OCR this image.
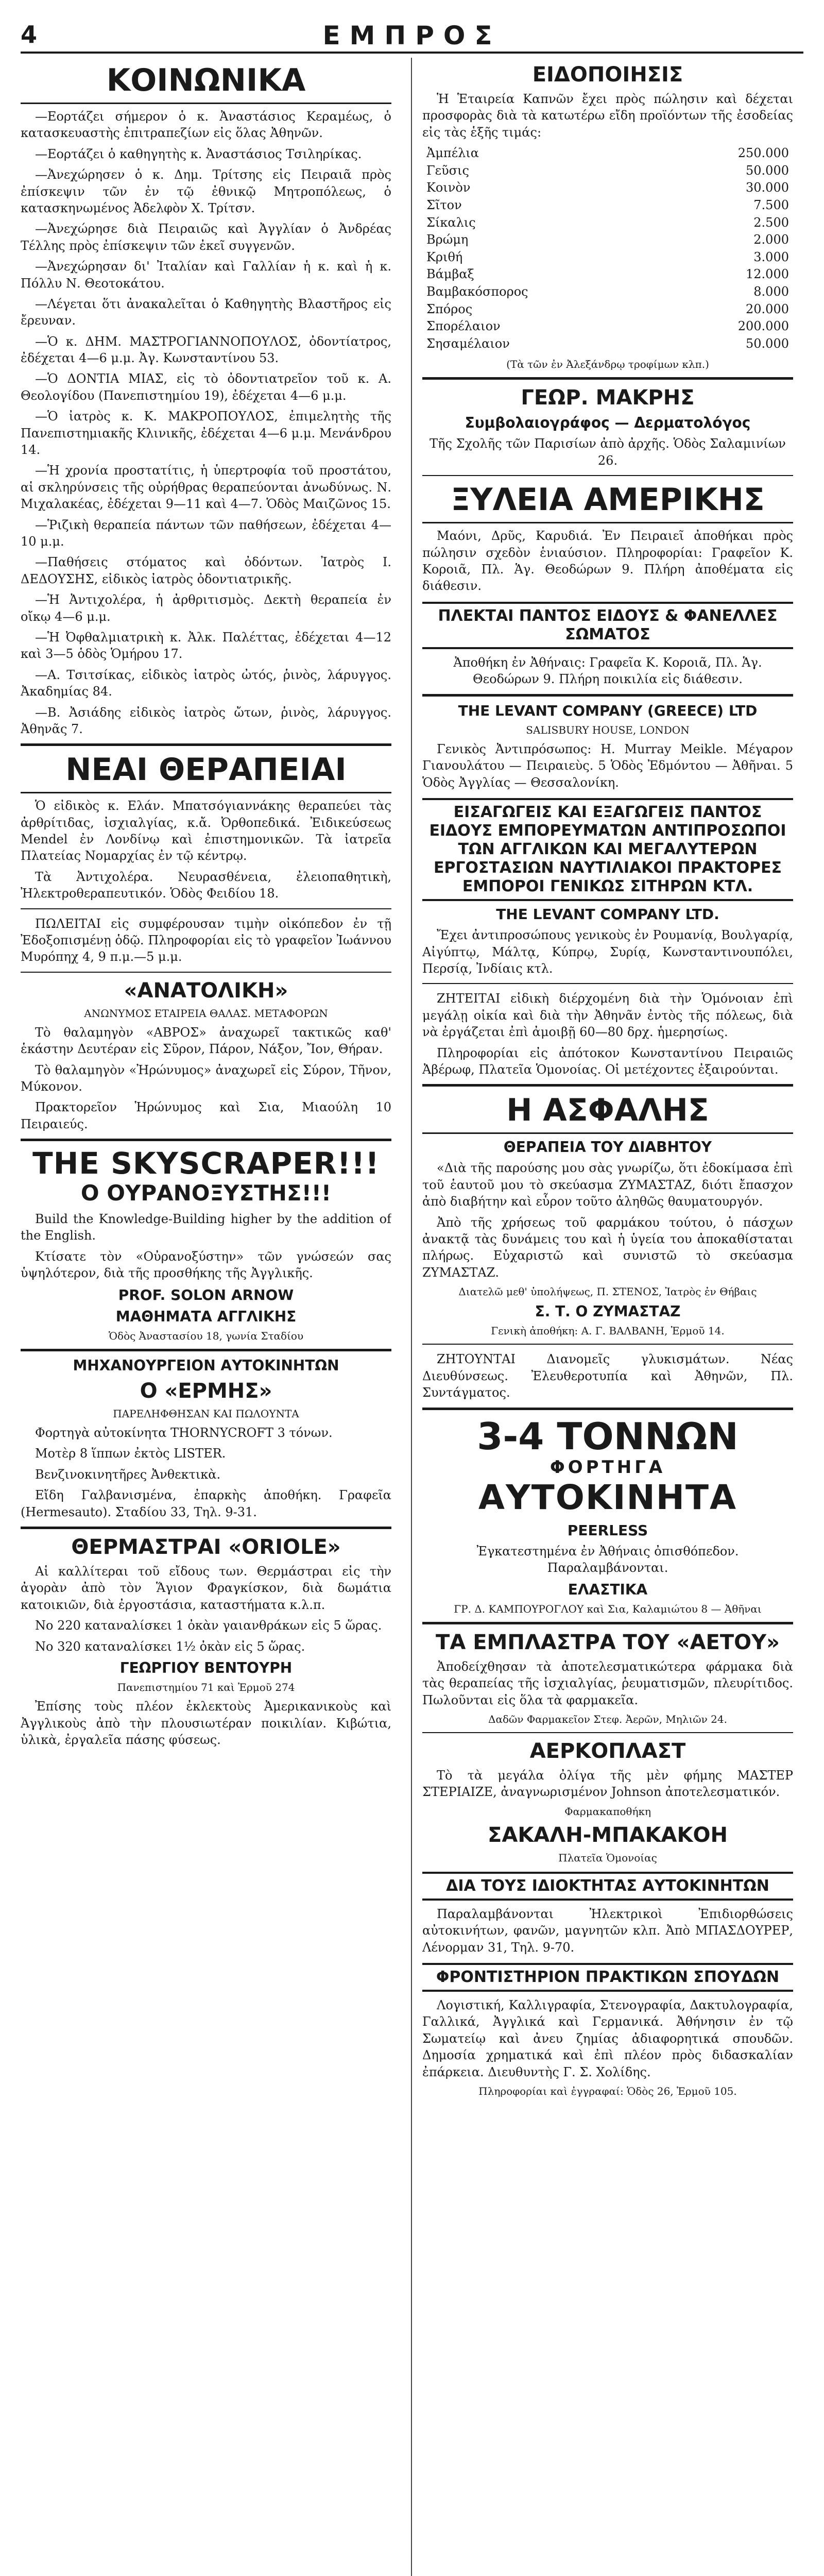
4	ΕΜΠΡΟΣ
ΚΟΙΝΩΝΙΚΑ

—Εορτάζει σήμερον ὁ κ. Ἀναστάσιος Κεραμέως, ὁ κατασκευαστὴς ἐπιτραπεζίων εἰς ὅλας Ἀθηνῶν.

—Εορτάζει ὁ καθηγητὴς κ. Ἀναστάσιος Τσιληρίκας.

—Ἀνεχώρησεν ὁ κ. Δημ. Τρίτσης εἰς Πειραιᾶ πρὸς ἐπίσκεψιν τῶν ἐν τῷ ἐθνικῷ Μητροπόλεως, ὁ κατασκηνωμένος Ἀδελφὸν Χ. Τρίτσν.

—Ἀνεχώρησε διὰ Πειραιῶς καὶ Ἀγγλίαν ὁ Ἀνδρέας Τέλλης πρὸς ἐπίσκεψιν τῶν ἐκεῖ συγγενῶν.

—Ἀνεχώρησαν δι' Ἰταλίαν καὶ Γαλλίαν ἡ κ. καὶ ἡ κ. Πόλλυ Ν. Θεοτοκάτου.

—Λέγεται ὅτι ἀνακαλεῖται ὁ Καθηγητὴς Βλαστῆρος εἰς ἔρευναν.

—Ὁ κ. ΔΗΜ. ΜΑΣΤΡΟΓΙΑΝΝΟΠΟΥΛΟΣ, ὀδοντίατρος, ἐδέχεται 4—6 μ.μ. Ἀγ. Κωνσταντίνου 53.

—Ὁ ΔΟΝΤΙΑ ΜΙΑΣ, εἰς τὸ ὀδοντιατρεῖον τοῦ κ. Α. Θεολογίδου (Πανεπιστημίου 19), ἐδέχεται 4—6 μ.μ.

—Ὁ ἰατρὸς κ. Κ. ΜΑΚΡΟΠΟΥΛΟΣ, ἐπιμελητὴς τῆς Πανεπιστημιακῆς Κλινικῆς, ἐδέχεται 4—6 μ.μ. Μενάνδρου 14.

—Ἡ χρονία προστατίτις, ἡ ὑπερτροφία τοῦ προστάτου, αἱ σκληρύνσεις τῆς οὐρήθρας θεραπεύονται ἀνωδύνως. Ν. Μιχαλακέας, ἐδέχεται 9—11 καὶ 4—7. Ὁδὸς Μαιζῶνος 15.

—Ῥιζικὴ θεραπεία πάντων τῶν παθήσεων, ἐδέχεται 4—10 μ.μ.

—Παθήσεις στόματος καὶ ὀδόντων. Ἰατρὸς Ι. ΔΕΔΟΥΣΗΣ, εἰδικὸς ἰατρὸς ὀδοντιατρικῆς.

—Ἡ Ἀντιχολέρα, ἡ ἀρθριτισμὸς. Δεκτὴ θεραπεία ἐν οἴκῳ 4—6 μ.μ.

—Ἡ Ὀφθαλμιατρικὴ κ. Ἀλκ. Παλέττας, ἐδέχεται 4—12 καὶ 3—5 ὁδὸς Ὁμήρου 17.

—Α. Τσιτσίκας, εἰδικὸς ἰατρὸς ὠτός, ῥινὸς, λάρυγγος. Ἀκαδημίας 84.

—Β. Ἀσιάδης εἰδικὸς ἰατρὸς ὤτων, ῥινὸς, λάρυγγος. Ἀθηνᾶς 7.

ΝΕΑΙ ΘΕΡΑΠΕΙΑΙ

Ὁ εἰδικὸς κ. Ελάν. Μπατσόγιαννάκης θεραπεύει τὰς ἀρθρίτιδας, ἰσχιαλγίας, κ.ἄ. Ὀρθοπεδικά. Ἐιδικεύσεως Mendel ἐν Λονδίνῳ καὶ ἐπιστημονικῶν. Τὰ ἰατρεῖα Πλατείας Νομαρχίας ἐν τῷ κέντρῳ.

Τὰ Ἀντιχολέρα. Νευρασθένεια, ἐλειοπαθητικὴ, Ἠλεκτροθεραπευτικόν. Ὁδὸς Φειδίου 18.

ΠΩΛΕΙΤΑΙ εἰς συμφέρουσαν τιμὴν οἰκόπεδον ἐν τῇ Ἐδοξοπισμένῃ ὁδῷ. Πληροφορίαι εἰς τὸ γραφεῖον Ἰωάννου Μυρόπηχ 4, 9 π.μ.—5 μ.μ.

«ΑΝΑΤΟΛΙΚΗ»
ΑΝΩΝΥΜΟΣ ΕΤΑΙΡΕΙΑ ΘΑΛΑΣ. ΜΕΤΑΦΟΡΩΝ

Τὸ θαλαμηγὸν «ΑΒΡΟΣ» ἀναχωρεῖ τακτικῶς καθ' ἑκάστην Δευτέραν εἰς Σῦρον, Πάρον, Νάξον, Ἴον, Θήραν.

Τὸ θαλαμηγὸν «Ἠρώνυμος» ἀναχωρεῖ εἰς Σύρον, Τῆνον, Μύκονον.

Πρακτορεῖον Ἡρώνυμος καὶ Σια, Μιαούλη 10 Πειραιεύς.

THE SKYSCRAPER!!!
Ο ΟΥΡΑΝΟΞΥΣΤΗΣ!!!

Build the Knowledge-Building higher by the addition of the English.

Κτίσατε τὸν «Οὐρανοξύστην» τῶν γνώσεών σας ὑψηλότερον, διὰ τῆς προσθήκης τῆς Ἀγγλικῆς.

PROF. SOLON ARNOW
ΜΑΘΗΜΑΤΑ ΑΓΓΛΙΚΗΣ
Ὁδὸς Ἀναστασίου 18, γωνία Σταδίου
ΜΗΧΑΝΟΥΡΓΕΙΟΝ ΑΥΤΟΚΙΝΗΤΩΝ
Ο «ΕΡΜΗΣ»
ΠΑΡΕΛΗΦΘΗΣΑΝ ΚΑΙ ΠΩΛΟΥΝΤΑ

Φορτηγὰ αὐτοκίνητα THORNYCROFT 3 τόνων.

Μοτὲρ 8 ἵππων ἐκτὸς LISTER.

Βενζινοκινητῆρες Ἀνθεκτικὰ.

Εἴδη Γαλβανισμένα, ἐπαρκὴς ἀποθήκη. Γραφεῖα (Hermesauto). Σταδίου 33, Τηλ. 9-31.

ΘΕΡΜΑΣΤΡΑΙ «ORIOLE»

Αἱ καλλίτεραι τοῦ εἴδους των. Θερμάστραι εἰς τὴν ἀγορὰν ἀπὸ τὸν Ἅγιον Φραγκίσκον, διὰ δωμάτια κατοικιῶν, διὰ ἐργοστάσια, καταστήματα κ.λ.π.

Νο 220 καταναλίσκει 1 ὀκὰν γαιανθράκων εἰς 5 ὥρας.

Νο 320 καταναλίσκει 1½ ὀκὰν εἰς 5 ὥρας.

ΓΕΩΡΓΙΟΥ ΒΕΝΤΟΥΡΗ
Πανεπιστημίου 71 καὶ Ἑρμοῦ 274

Ἐπίσης τοὺς πλέον ἐκλεκτοὺς Ἀμερικανικοὺς καὶ Ἀγγλικοὺς ἀπὸ τὴν πλουσιωτέραν ποικιλίαν. Κιβώτια, ὑλικὰ, ἐργαλεῖα πάσης φύσεως.

ΕΙΔΟΠΟΙΗΣΙΣ

Ἡ Ἑταιρεία Καπνῶν ἔχει πρὸς πώλησιν καὶ δέχεται προσφορὰς διὰ τὰ κατωτέρω εἴδη προϊόντων τῆς ἐσοδείας εἰς τὰς ἑξῆς τιμάς:

Ἀμπέλια	250.000
Γεῦσις	50.000
Κοινὸν	30.000
Σῖτον	7.500
Σίκαλις	2.500
Βρώμη	2.000
Κριθή	3.000
Βάμβαξ	12.000
Βαμβακόσπορος	8.000
Σπόρος	20.000
Σπορέλαιον	200.000
Σησαμέλαιον	50.000
(Τὰ τῶν ἐν Ἀλεξάνδρῳ τροφίμων κλπ.)
ΓΕΩΡ. ΜΑΚΡΗΣ
Συμβολαιογράφος — Δερματολόγος

Τῆς Σχολῆς τῶν Παρισίων ἀπὸ ἀρχῆς. Ὁδὸς Σαλαμινίων 26.

ΞΥΛΕΙΑ ΑΜΕΡΙΚΗΣ

Μαόνι, Δρῦς, Καρυδιά. Ἐν Πειραιεῖ ἀποθήκαι πρὸς πώλησιν σχεδὸν ἑνιαύσιον. Πληροφορίαι: Γραφεῖον Κ. Κοροιᾶ, Πλ. Ἁγ. Θεοδώρων 9. Πλήρη ἀποθέματα εἰς διάθεσιν.

ΠΛΕΚΤΑΙ ΠΑΝΤΟΣ ΕΙΔΟΥΣ & ΦΑΝΕΛΛΕΣ ΣΩΜΑΤΟΣ

Ἀποθήκη ἐν Ἀθήναις: Γραφεῖα Κ. Κοροιᾶ, Πλ. Ἁγ. Θεοδώρων 9. Πλήρη ποικιλία εἰς διάθεσιν.

THE LEVANT COMPANY (GREECE) LTD
SALISBURY HOUSE, LONDON

Γενικὸς Ἀντιπρόσωπος: Η. Murray Meikle. Μέγαρον Γιανουλάτου — Πειραιεὺς. 5 Ὁδὸς Ἐδμόντου — Ἀθῆναι. 5 Ὁδὸς Ἀγγλίας — Θεσσαλονίκη.

ΕΙΣΑΓΩΓΕΙΣ ΚΑΙ ΕΞΑΓΩΓΕΙΣ ΠΑΝΤΟΣ ΕΙΔΟΥΣ ΕΜΠΟΡΕΥΜΑΤΩΝ ΑΝΤΙΠΡΟΣΩΠΟΙ ΤΩΝ ΑΓΓΛΙΚΩΝ ΚΑΙ ΜΕΓΑΛΥΤΕΡΩΝ ΕΡΓΟΣΤΑΣΙΩΝ ΝΑΥΤΙΛΙΑΚΟΙ ΠΡΑΚΤΟΡΕΣ ΕΜΠΟΡΟΙ ΓΕΝΙΚΩΣ ΣΙΤΗΡΩΝ ΚΤΛ.
THE LEVANT COMPANY LTD.

Ἔχει ἀντιπροσώπους γενικοὺς ἐν Ρουμανίᾳ, Βουλγαρίᾳ, Αἰγύπτῳ, Μάλτᾳ, Κύπρῳ, Συρίᾳ, Κωνσταντινουπόλει, Περσίᾳ, Ἰνδίαις κτλ.

ΖΗΤΕΙΤΑΙ εἰδικὴ διέρχομένη διὰ τὴν Ὁμόνοιαν ἐπὶ μεγάλῃ οἰκία καὶ διὰ τὴν Ἀθηνᾶν ἐντὸς τῆς πόλεως, διὰ νὰ ἐργάζεται ἐπὶ ἀμοιβῇ 60—80 δρχ. ἡμερησίως.

Πληροφορίαι εἰς ἀπότοκον Κωνσταντίνου Πειραιῶς Ἀβέρωφ, Πλατεῖα Ὁμονοίας. Οἱ μετέχοντες ἐξαιρούνται.

Η ΑΣΦΑΛΗΣ
ΘΕΡΑΠΕΙΑ ΤΟΥ ΔΙΑΒΗΤΟΥ

«Διὰ τῆς παρούσης μου σὰς γνωρίζω, ὅτι ἐδοκίμασα ἐπὶ τοῦ ἑαυτοῦ μου τὸ σκεύασμα ΖΥΜΑΣΤΑΖ, διότι ἔπασχον ἀπὸ διαβήτην καὶ εὗρον τοῦτο ἀληθῶς θαυματουργόν.

Ἀπὸ τῆς χρήσεως τοῦ φαρμάκου τούτου, ὁ πάσχων ἀνακτᾷ τὰς δυνάμεις του καὶ ἡ ὑγεία του ἀποκαθίσταται πλήρως. Εὐχαριστῶ καὶ συνιστῶ τὸ σκεύασμα ΖΥΜΑΣΤΑΖ.

Διατελῶ μεθ' ὑπολήψεως, Π. ΣΤΕΝΟΣ, Ἰατρὸς ἐν Θήβαις
Σ. Τ. Ο ΖΥΜΑΣΤΑΖ
Γενικὴ ἀποθήκη: Α. Γ. ΒΑΛΒΑΝΗ, Ἑρμοῦ 14.

ΖΗΤΟΥΝΤΑΙ Διανομεῖς γλυκισμάτων. Νέας Διευθύνσεως. Ἐλευθεροτυπία καὶ Ἀθηνῶν, Πλ. Συντάγματος.

3-4 ΤΟΝΝΩΝ
ΦΟΡΤΗΓΑ
ΑΥΤΟΚΙΝΗΤΑ
PEERLESS

Ἐγκατεστημένα ἐν Ἀθήναις ὀπισθόπεδον. Παραλαμβάνονται.

ΕΛΑΣΤΙΚΑ
ΓΡ. Δ. ΚΑΜΠΟΥΡΟΓΛΟΥ καὶ Σια, Καλαμιώτου 8 — Ἀθῆναι
ΤΑ ΕΜΠΛΑΣΤΡΑ ΤΟΥ «ΑΕΤΟΥ»

Ἀποδείχθησαν τὰ ἀποτελεσματικώτερα φάρμακα διὰ τὰς θεραπείας τῆς ἰσχιαλγίας, ῥευματισμῶν, πλευρίτιδος. Πωλοῦνται εἰς ὅλα τὰ φαρμακεῖα.

Δαδῶν Φαρμακεῖον Στεφ. Ἀερῶν, Μηλιῶν 24.
ΑΕΡΚΟΠΛΑΣΤ

Τὸ τὰ μεγάλα ὀλίγα τῆς μὲν φήμης ΜΑΣΤΕΡ ΣΤΕΡΙΑΙΖΕ, ἀναγνωρισμένον Johnson ἀποτελεσματικόν.

Φαρμακαποθήκη
ΣΑΚΑΛΗ-ΜΠΑΚΑΚΟΗ
Πλατεῖα Ὁμονοίας
ΔΙΑ ΤΟΥΣ ΙΔΙΟΚΤΗΤΑΣ ΑΥΤΟΚΙΝΗΤΩΝ

Παραλαμβάνονται Ἠλεκτρικοὶ Ἐπιδιορθώσεις αὐτοκινήτων, φανῶν, μαγνητῶν κλπ. Ἀπὸ ΜΠΑΣΔΟΥΡΕΡ, Λένορμαν 31, Τηλ. 9-70.

ΦΡΟΝΤΙΣΤΗΡΙΟΝ ΠΡΑΚΤΙΚΩΝ ΣΠΟΥΔΩΝ

Λογιστική, Καλλιγραφία, Στενογραφία, Δακτυλογραφία, Γαλλικά, Ἀγγλικά καὶ Γερμανικά. Ἀθήνησιν ἐν τῷ Σωματείῳ καὶ ἀνευ ζημίας ἀδιαφορητικά σπουδῶν. Δημοσία χρηματικά καὶ ἐπὶ πλέον πρὸς διδασκαλίαν ἐπάρκεια. Διευθυντὴς Γ. Σ. Χολίδης.

Πληροφορίαι καὶ ἐγγραφαί: Ὁδὸς 26, Ἑρμοῦ 105.
